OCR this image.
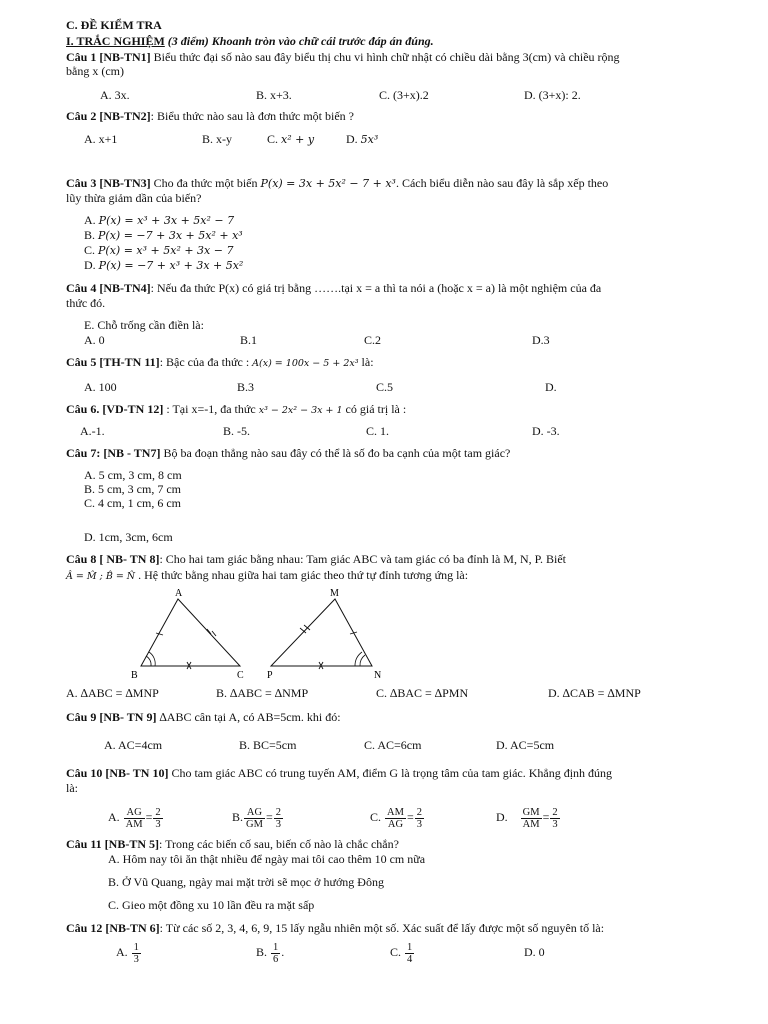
C. ĐỀ KIỂM TRA
I. TRẮC NGHIỆM (3 điểm) Khoanh tròn vào chữ cái trước đáp án đúng.
Câu 1 [NB-TN1] Biểu thức đại số nào sau đây biểu thị chu vi hình chữ nhật có chiều dài bằng 3(cm) và chiều rộng
bằng x (cm)
A. 3x.	B. x+3.	C. (3+x).2	D. (3+x): 2.
Câu 2 [NB-TN2]: Biểu thức nào sau là đơn thức một biến ?
A. x+1	B. x-y	C. x² + y	D. 5x³
Câu 3 [NB-TN3] Cho đa thức một biến P(x) = 3x + 5x² − 7 + x³. Cách biểu diễn nào sau đây là sắp xếp theo
lũy thừa giảm dần của biến?
A. P(x) = x³ + 3x + 5x² − 7
B. P(x) = −7 + 3x + 5x² + x³
C. P(x) = x³ + 5x² + 3x − 7
D. P(x) = −7 + x³ + 3x + 5x²
Câu 4 [NB-TN4]: Nếu đa thức P(x) có giá trị bằng …….tại x = a thì ta nói a (hoặc x = a) là một nghiệm của đa
thức đó.
E. Chỗ trống cần điền là:
A. 0	B.1	C.2	D.3
Câu 5 [TH-TN 11]: Bậc của đa thức : A(x) = 100x − 5 + 2x³ là:
A. 100	B.3	C.5	D.
Câu 6. [VD-TN 12] : Tại x=-1, đa thức x³ − 2x² − 3x + 1 có giá trị là :
A.-1.	B. -5.	C. 1.	D. -3.
Câu 7: [NB - TN7] Bộ ba đoạn thẳng nào sau đây có thể là số đo ba cạnh của một tam giác?
A. 5 cm, 3 cm, 8 cm
B. 5 cm, 3 cm, 7 cm
C. 4 cm, 1 cm, 6 cm
D. 1cm, 3cm, 6cm
Câu 8 [ NB- TN 8]: Cho hai tam giác bằng nhau: Tam giác ABC và tam giác có ba đỉnh là M, N, P. Biết
Â = M̂ ; B̂ = N̂ . Hệ thức bằng nhau giữa hai tam giác theo thứ tự đỉnh tương ứng là:
A
B	C
M
P	N
A. ∆ABC = ∆MNP	B. ∆ABC = ∆NMP	C. ∆BAC = ∆PMN	D. ∆CAB = ∆MNP
Câu 9 [NB- TN 9] ∆ABC cân tại A, có AB=5cm. khi đó:
A. AC=4cm	B. BC=5cm	C. AC=6cm	D. AC=5cm
Câu 10 [NB- TN 10] Cho tam giác ABC có trung tuyến AM, điểm G là trọng tâm của tam giác. Khẳng định đúng
là:
A. $\frac{AG}{AM} = \frac{2}{3}$	B. $\frac{AG}{GM} = \frac{2}{3}$	C. $\frac{AM}{AG} = \frac{2}{3}$	D. $\frac{GM}{AM} = \frac{2}{3}$
Câu 11 [NB-TN 5]: Trong các biến cố sau, biến cố nào là chắc chắn?
A. Hôm nay tôi ăn thật nhiều để ngày mai tôi cao thêm 10 cm nữa
B. Ở Vũ Quang, ngày mai mặt trời sẽ mọc ở hướng Đông
C. Gieo một đồng xu 10 lần đều ra mặt sấp
Câu 12 [NB-TN 6]: Từ các số 2, 3, 4, 6, 9, 15 lấy ngẫu nhiên một số. Xác suất để lấy được một số nguyên tố là:
A. $\frac{1}{3}$	B. $\frac{1}{6}$ .	C. $\frac{1}{4}$	D. 0
